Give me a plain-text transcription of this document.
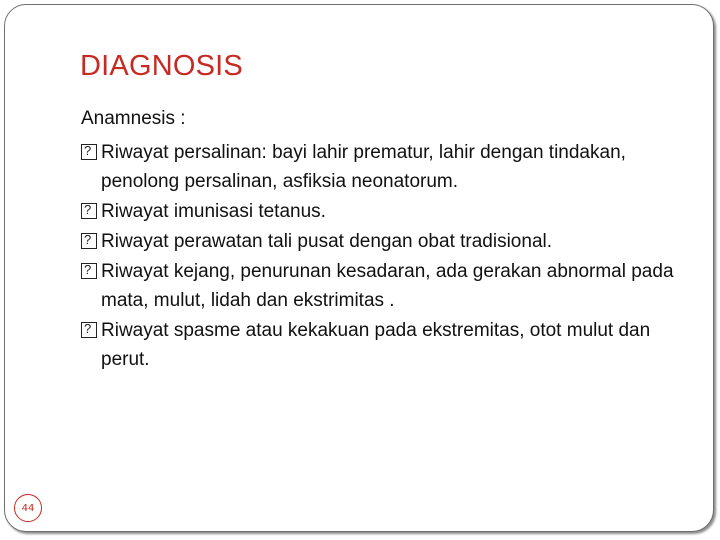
DIAGNOSIS
Anamnesis :
?
Riwayat persalinan: bayi lahir prematur, lahir dengan tindakan, penolong persalinan, asfiksia neonatorum.
?
Riwayat imunisasi tetanus.
?
Riwayat perawatan tali pusat dengan obat tradisional.
?
Riwayat kejang, penurunan kesadaran, ada gerakan abnormal pada mata, mulut, lidah dan ekstrimitas .
?
Riwayat spasme atau kekakuan pada ekstremitas, otot mulut dan perut.
44
